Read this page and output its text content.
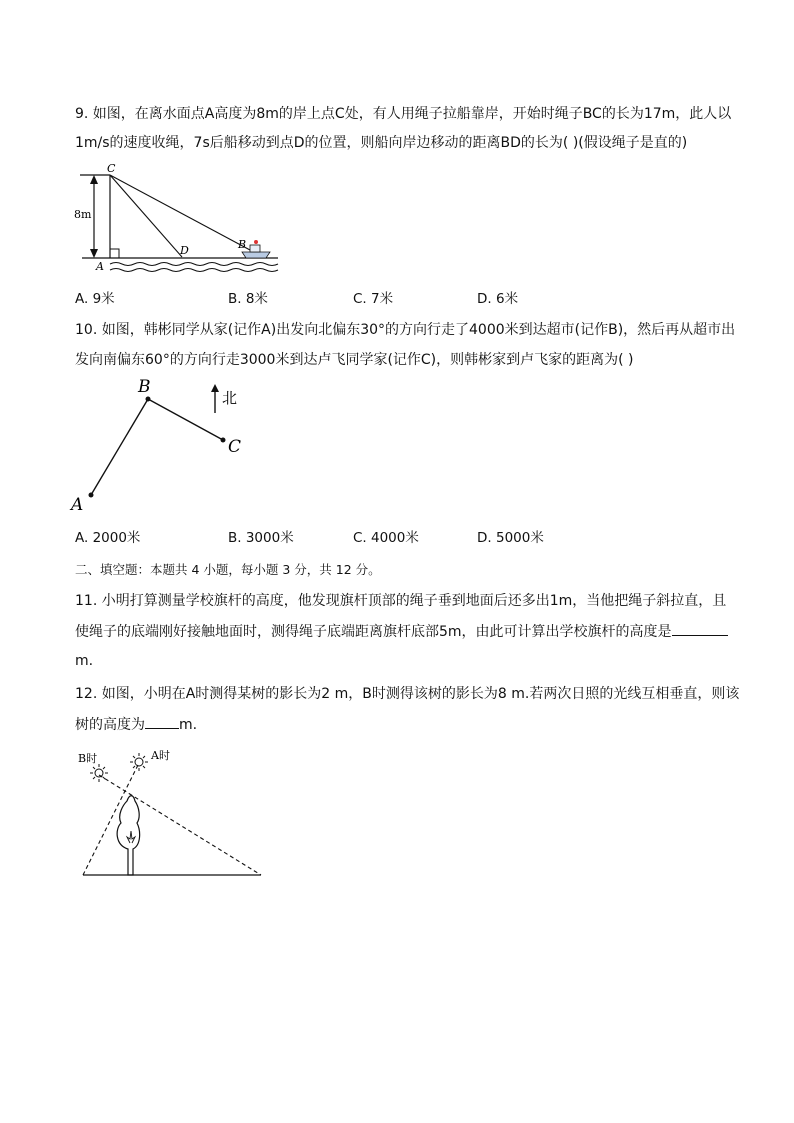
9. 如图，在离水面点A高度为8m的岸上点C处，有人用绳子拉船靠岸，开始时绳子BC的长为17m，此人以
1m/s的速度收绳，7s后船移动到点D的位置，则船向岸边移动的距离BD的长为( )(假设绳子是直的)
8m
C
A
D	B
A. 9米	B. 8米	C. 7米	D. 6米
10. 如图，韩彬同学从家(记作A)出发向北偏东30°的方向行走了4000米到达超市(记作B)，然后再从超市出
发向南偏东60°的方向行走3000米到达卢飞同学家(记作C)，则韩彬家到卢飞家的距离为( )
B
C
A
北
A. 2000米	B. 3000米	C. 4000米	D. 5000米
二、填空题：本题共 4 小题，每小题 3 分，共 12 分。
11. 小明打算测量学校旗杆的高度，他发现旗杆顶部的绳子垂到地面后还多出1m，当他把绳子斜拉直，且
使绳子的底端刚好接触地面时，测得绳子底端距离旗杆底部5m，由此可计算出学校旗杆的高度是
m.
12. 如图，小明在A时测得某树的影长为2 m，B时测得该树的影长为8 m.若两次日照的光线互相垂直，则该
树的高度为 m.
B时	A时
